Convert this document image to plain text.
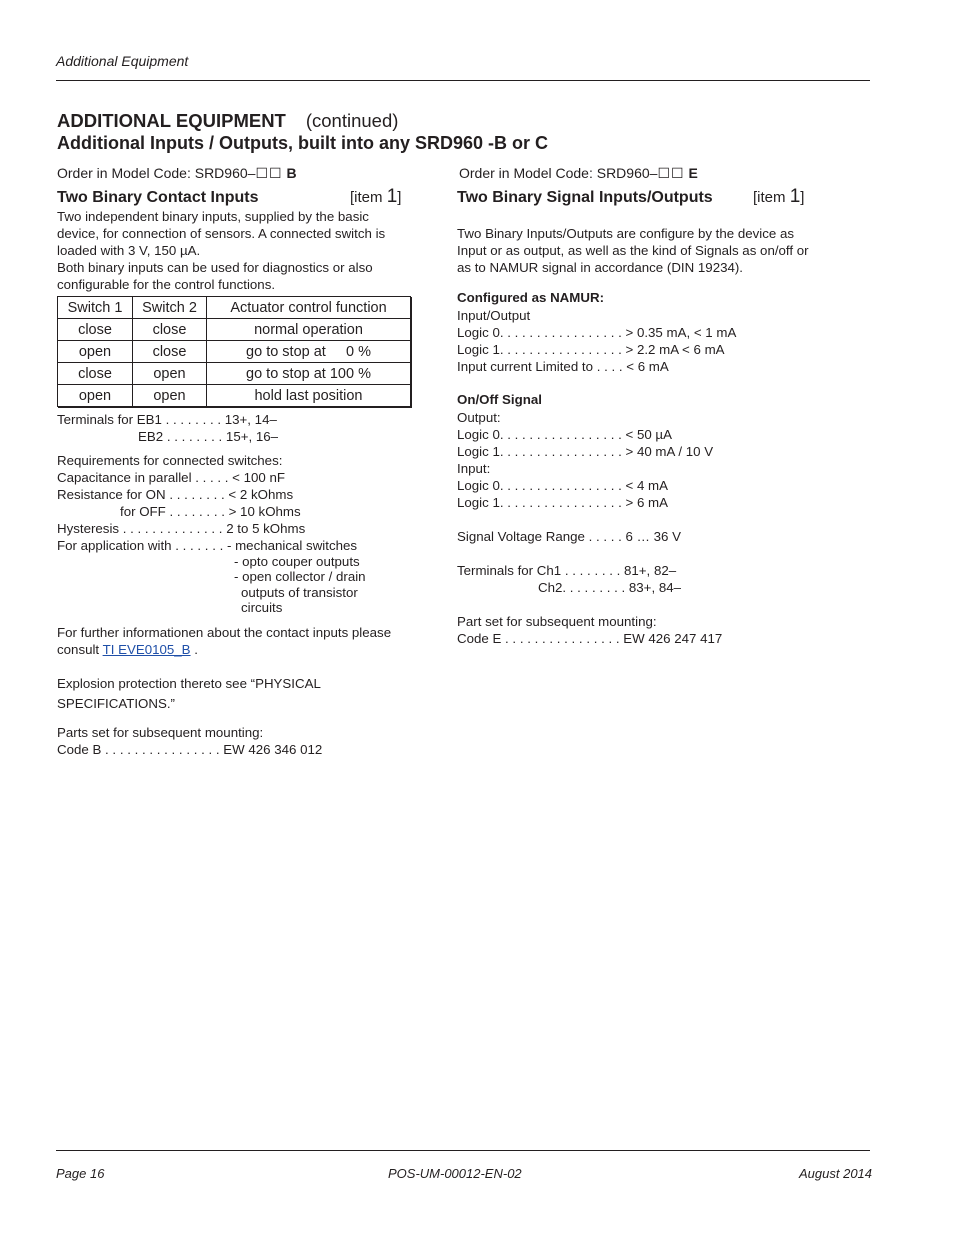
Additional Equipment
ADDITIONAL EQUIPMENT (continued)
Additional Inputs / Outputs, built into any SRD960 -B or C
Order in Model Code: SRD960–☐☐ B
Two Binary Contact Inputs	[item 1]
Two independent binary inputs, supplied by the basic
device, for connection of sensors. A connected switch is
loaded with 3 V, 150 µA.
Both binary inputs can be used for diagnostics or also
configurable for the control functions.
Switch 1	Switch 2	Actuator control function
close	close	normal operation
open	close	go to stop at     0 %
close	open	go to stop at 100 %
open	open	hold last position
Terminals for EB1 . . . . . . . . 13+, 14–
EB2 . . . . . . . . 15+, 16–
Requirements for connected switches:
Capacitance in parallel . . . . . < 100 nF
Resistance for ON . . . . . . . . < 2 kOhms
for OFF . . . . . . . . > 10 kOhms
Hysteresis . . . . . . . . . . . . . . 2 to 5 kOhms
For application with . . . . . . . - mechanical switches
- opto couper outputs
- open collector / drain
outputs of transistor
circuits
For further informationen about the contact inputs please
consult TI EVE0105_B .
Explosion protection thereto see “PHYSICAL
SPECIFICATIONS.”
Parts set for subsequent mounting:
Code B . . . . . . . . . . . . . . . . EW 426 346 012
Order in Model Code: SRD960–☐☐ E
Two Binary Signal Inputs/Outputs	[item 1]
Two Binary Inputs/Outputs are configure by the device as
Input or as output, as well as the kind of Signals as on/off or
as to NAMUR signal in accordance (DIN 19234).
Configured as NAMUR:
Input/Output
Logic 0. . . . . . . . . . . . . . . . . > 0.35 mA, < 1 mA
Logic 1. . . . . . . . . . . . . . . . . > 2.2 mA < 6 mA
Input current Limited to . . . . < 6 mA
On/Off Signal
Output:
Logic 0. . . . . . . . . . . . . . . . . < 50 µA
Logic 1. . . . . . . . . . . . . . . . . > 40 mA / 10 V
Input:
Logic 0. . . . . . . . . . . . . . . . . < 4 mA
Logic 1. . . . . . . . . . . . . . . . . > 6 mA
Signal Voltage Range . . . . . 6 … 36 V
Terminals for Ch1 . . . . . . . . 81+, 82–
Ch2. . . . . . . . . 83+, 84–
Part set for subsequent mounting:
Code E . . . . . . . . . . . . . . . . EW 426 247 417
Page 16	POS-UM-00012-EN-02	August 2014
